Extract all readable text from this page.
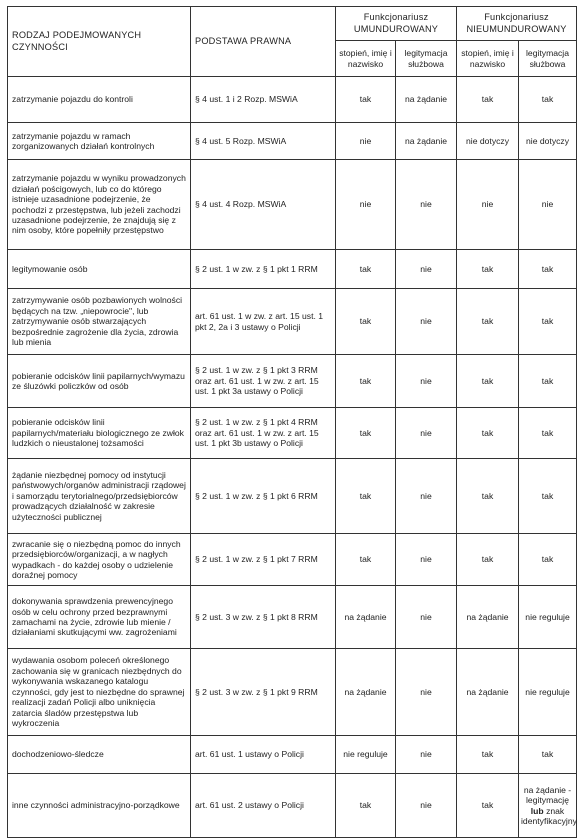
RODZAJ PODEJMOWANYCH CZYNNOŚCI	PODSTAWA PRAWNA	Funkcjonariusz UMUNDUROWANY		Funkcjonariusz NIEUMUNDUROWANY	
		stopień, imię i nazwisko	legitymacja służbowa	stopień, imię i nazwisko	legitymacja służbowa
zatrzymanie pojazdu do kontroli	§ 4 ust. 1 i 2 Rozp. MSWiA	tak	na żądanie	tak	tak
zatrzymanie pojazdu w ramach zorganizowanych działań kontrolnych	§ 4 ust. 5 Rozp. MSWiA	nie	na żądanie	nie dotyczy	nie dotyczy
zatrzymanie pojazdu w wyniku prowadzonych działań pościgowych, lub co do którego istnieje uzasadnione podejrzenie, że pochodzi z przestępstwa, lub jeżeli zachodzi uzasadnione podejrzenie, że znajdują się z nim osoby, które popełniły przestępstwo	§ 4 ust. 4 Rozp. MSWiA	nie	nie	nie	nie
legitymowanie osób	§ 2 ust. 1 w zw. z § 1 pkt 1 RRM	tak	nie	tak	tak
zatrzymywanie osób pozbawionych wolności będących na tzw. „niepowrocie", lub zatrzymywanie osób stwarzających bezpośrednie zagrożenie dla życia, zdrowia lub mienia	art. 61 ust. 1 w zw. z art. 15 ust. 1 pkt 2, 2a i 3 ustawy o Policji	tak	nie	tak	tak
pobieranie odcisków linii papilarnych/wymazu ze śluzówki policzków od osób	§ 2 ust. 1 w zw. z § 1 pkt 3 RRM oraz art. 61 ust. 1 w zw. z art. 15 ust. 1 pkt 3a ustawy o Policji	tak	nie	tak	tak
pobieranie odcisków linii papilarnych/materiału biologicznego ze zwłok ludzkich o nieustalonej tożsamości	§ 2 ust. 1 w zw. z § 1 pkt 4 RRM oraz art. 61 ust. 1 w zw. z art. 15 ust. 1 pkt 3b ustawy o Policji	tak	nie	tak	tak
żądanie niezbędnej pomocy od instytucji państwowych/organów administracji rządowej i samorządu terytorialnego/przedsiębiorców prowadzących działalność w zakresie użyteczności publicznej	§ 2 ust. 1 w zw. z § 1 pkt 6 RRM	tak	nie	tak	tak
zwracanie się o niezbędną pomoc do innych przedsiębiorców/organizacji, a w nagłych wypadkach - do każdej osoby o udzielenie doraźnej pomocy	§ 2 ust. 1 w zw. z § 1 pkt 7 RRM	tak	nie	tak	tak
dokonywania sprawdzenia prewencyjnego osób w celu ochrony przed bezprawnymi zamachami na życie, zdrowie lub mienie / działaniami skutkującymi ww. zagrożeniami	§ 2 ust. 3 w zw. z § 1 pkt 8 RRM	na żądanie	nie	na żądanie	nie reguluje
wydawania osobom poleceń określonego zachowania się w granicach niezbędnych do wykonywania wskazanego katalogu czynności, gdy jest to niezbędne do sprawnej realizacji zadań Policji albo uniknięcia zatarcia śladów przestępstwa lub wykroczenia	§ 2 ust. 3 w zw. z § 1 pkt 9 RRM	na żądanie	nie	na żądanie	nie reguluje
dochodzeniowo-śledcze	art. 61 ust. 1 ustawy o Policji	nie reguluje	nie	tak	tak
inne czynności administracyjno-porządkowe	art. 61 ust. 2 ustawy o Policji	tak	nie	tak	na żądanie - legitymację lub znak identyfikacyjny
